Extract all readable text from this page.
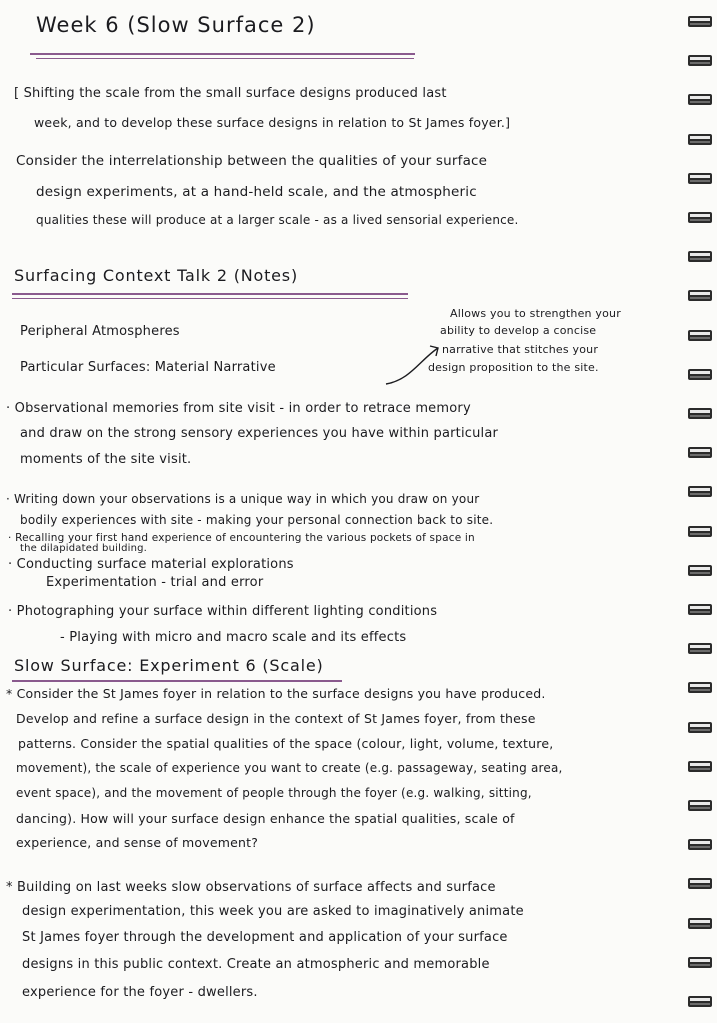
Week 6 (Slow Surface 2)
[ Shifting the scale from the small surface designs produced last
week, and to develop these surface designs in relation to St James foyer.]
Consider the interrelationship between the qualities of your surface
design experiments, at a hand-held scale, and the atmospheric
qualities these will produce at a larger scale - as a lived sensorial experience.
Surfacing Context Talk 2 (Notes)
Peripheral Atmospheres
Particular Surfaces: Material Narrative
Allows you to strengthen your
ability to develop a concise
narrative that stitches your
design proposition to the site.
· Observational memories from site visit - in order to retrace memory
and draw on the strong sensory experiences you have within particular
moments of the site visit.
· Writing down your observations is a unique way in which you draw on your
bodily experiences with site - making your personal connection back to site.
· Recalling your first hand experience of encountering the various pockets of space in
the dilapidated building.
· Conducting surface material explorations
Experimentation - trial and error
· Photographing your surface within different lighting conditions
- Playing with micro and macro scale and its effects
Slow Surface: Experiment 6 (Scale)
* Consider the St James foyer in relation to the surface designs you have produced.
Develop and refine a surface design in the context of St James foyer, from these
patterns. Consider the spatial qualities of the space (colour, light, volume, texture,
movement), the scale of experience you want to create (e.g. passageway, seating area,
event space), and the movement of people through the foyer (e.g. walking, sitting,
dancing). How will your surface design enhance the spatial qualities, scale of
experience, and sense of movement?
* Building on last weeks slow observations of surface affects and surface
design experimentation, this week you are asked to imaginatively animate
St James foyer through the development and application of your surface
designs in this public context. Create an atmospheric and memorable
experience for the foyer - dwellers.
